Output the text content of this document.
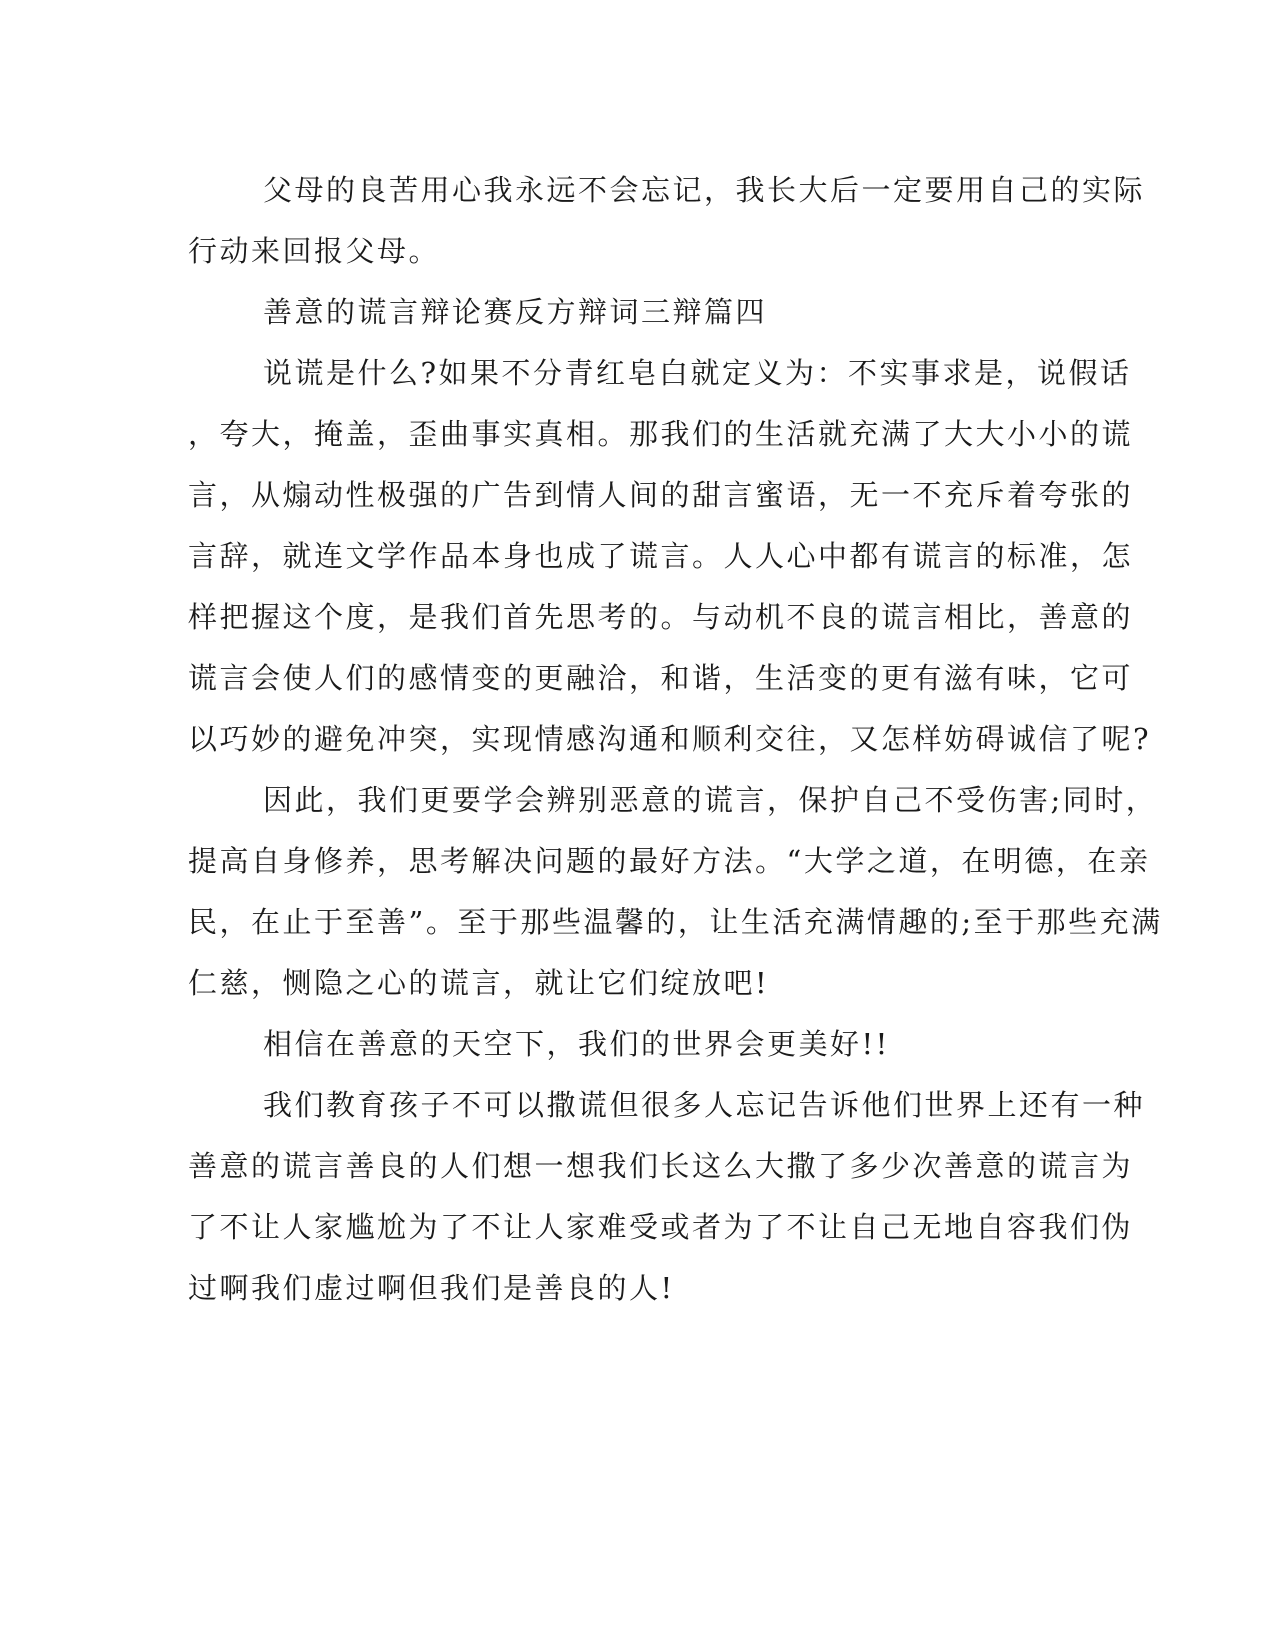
父母的良苦用心我永远不会忘记，我长大后一定要用自己的实际
行动来回报父母。
善意的谎言辩论赛反方辩词三辩篇四
说谎是什么?如果不分青红皂白就定义为：不实事求是，说假话
，夸大，掩盖，歪曲事实真相。那我们的生活就充满了大大小小的谎
言，从煽动性极强的广告到情人间的甜言蜜语，无一不充斥着夸张的
言辞，就连文学作品本身也成了谎言。人人心中都有谎言的标准，怎
样把握这个度，是我们首先思考的。与动机不良的谎言相比，善意的
谎言会使人们的感情变的更融洽，和谐，生活变的更有滋有味，它可
以巧妙的避免冲突，实现情感沟通和顺利交往，又怎样妨碍诚信了呢?
因此，我们更要学会辨别恶意的谎言，保护自己不受伤害;同时，
提高自身修养，思考解决问题的最好方法。“大学之道，在明德，在亲
民，在止于至善”。至于那些温馨的，让生活充满情趣的;至于那些充满
仁慈，恻隐之心的谎言，就让它们绽放吧!
相信在善意的天空下，我们的世界会更美好!!
我们教育孩子不可以撒谎但很多人忘记告诉他们世界上还有一种
善意的谎言善良的人们想一想我们长这么大撒了多少次善意的谎言为
了不让人家尴尬为了不让人家难受或者为了不让自己无地自容我们伪
过啊我们虚过啊但我们是善良的人!
